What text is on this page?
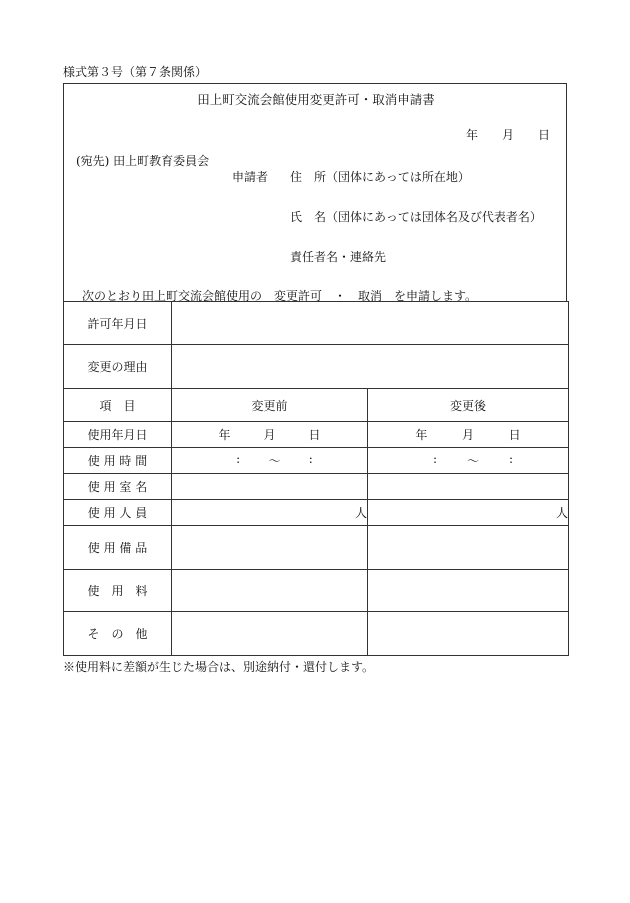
様式第３号（第７条関係）
田上町交流会館使用変更許可・取消申請書
年　　月　　日
(宛先) 田上町教育委員会
申請者 住　所（団体にあっては所在地）
氏　名（団体にあっては団体名及び代表者名）
責任者名・連絡先
次のとおり田上町交流会館使用の　変更許可　・　取消　を申請します。
許可年月日		
変更の理由		
項　目	変更前	変更後
使用年月日	年 月 日	年 月 日

使 用 時 間	: 〜 :	: 〜 :

使 用 室 名		
使 用 人 員	人	人
使 用 備 品		
使　用　料		
そ　の　他		
※使用料に差額が生じた場合は、別途納付・還付します。
